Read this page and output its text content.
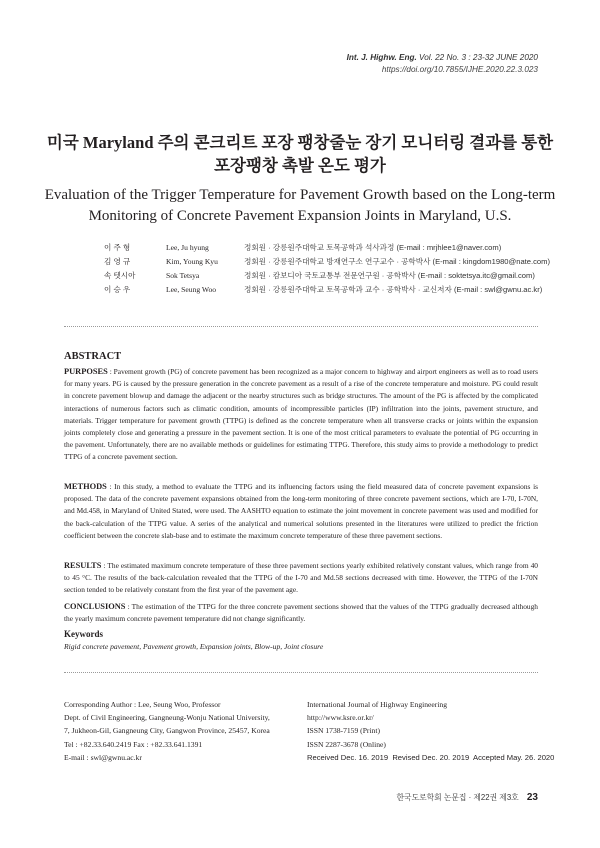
Int. J. Highw. Eng. Vol. 22 No. 3 : 23-32 JUNE 2020
https://doi.org/10.7855/IJHE.2020.22.3.023
미국 Maryland 주의 콘크리트 포장 팽창줄눈 장기 모니터링 결과를 통한
포장팽창 촉발 온도 평가
Evaluation of the Trigger Temperature for Pavement Growth based on the Long-term
Monitoring of Concrete Pavement Expansion Joints in Maryland, U.S.
이 주 형	Lee, Ju hyung	정회원 · 강릉원주대학교 토목공학과 석사과정 (E-mail : mrjhlee1@naver.com)
김 영 규	Kim, Young Kyu	정회원 · 강릉원주대학교 방재연구소 연구교수 · 공학박사 (E-mail : kingdom1980@nate.com)
속 텟시아	Sok Tetsya	정회원 · 캄보디아 국토교통부 전문연구원 · 공학박사 (E-mail : soktetsya.itc@gmail.com)
이 승 우	Lee, Seung Woo	정회원 · 강릉원주대학교 토목공학과 교수 · 공학박사 · 교신저자 (E-mail : swl@gwnu.ac.kr)
ABSTRACT
PURPOSES : Pavement growth (PG) of concrete pavement has been recognized as a major concern to highway and airport engineers as well as to road users for many years. PG is caused by the pressure generation in the concrete pavement as a result of a rise of the concrete temperature and moisture. PG could result in concrete pavement blowup and damage the adjacent or the nearby structures such as bridge structures. The amount of the PG is affected by the complicated interactions of numerous factors such as climatic condition, amounts of incompressible particles (IP) infiltration into the joints, pavement structure, and materials. Trigger temperature for pavement growth (TTPG) is defined as the concrete temperature when all transverse cracks or joints within the expansion joints completely close and generating a pressure in the pavement section. It is one of the most critical parameters to evaluate the potential of PG occurring in the pavement. Unfortunately, there are no available methods or guidelines for estimating TTPG. Therefore, this study aims to provide a methodology to predict TTPG of a concrete pavement section.
METHODS : In this study, a method to evaluate the TTPG and its influencing factors using the field measured data of concrete pavement expansions is proposed. The data of the concrete pavement expansions obtained from the long-term monitoring of three concrete pavement sections, which are I-70, I-70N, and Md.458, in Maryland of United Stated, were used. The AASHTO equation to estimate the joint movement in concrete pavement was used and modified for the back-calculation of the TTPG value. A series of the analytical and numerical solutions presented in the literatures were utilized to predict the friction coefficient between the concrete slab-base and to estimate the maximum concrete temperature of these three pavement sections.
RESULTS : The estimated maximum concrete temperature of these three pavement sections yearly exhibited relatively constant values, which range from 40 to 45 °C. The results of the back-calculation revealed that the TTPG of the I-70 and Md.58 sections decreased with time. However, the TTPG of the I-70N section tended to be relatively constant from the first year of the pavement age.
CONCLUSIONS : The estimation of the TTPG for the three concrete pavement sections showed that the values of the TTPG gradually decreased although the yearly maximum concrete pavement temperature did not change significantly.
Keywords
Rigid concrete pavement, Pavement growth, Expansion joints, Blow-up, Joint closure
Corresponding Author : Lee, Seung Woo, Professor
Dept. of Civil Engineering, Gangneung-Wonju National University,
7, Jukheon-Gil, Gangneung City, Gangwon Province, 25457, Korea
Tel : +82.33.640.2419 Fax : +82.33.641.1391
E-mail : swl@gwnu.ac.kr
International Journal of Highway Engineering
http://www.ksre.or.kr/
ISSN 1738-7159 (Print)
ISSN 2287-3678 (Online)
Received Dec. 16. 2019 Revised Dec. 20. 2019 Accepted May. 26. 2020
한국도로학회 논문집 · 제22권 제3호 23
